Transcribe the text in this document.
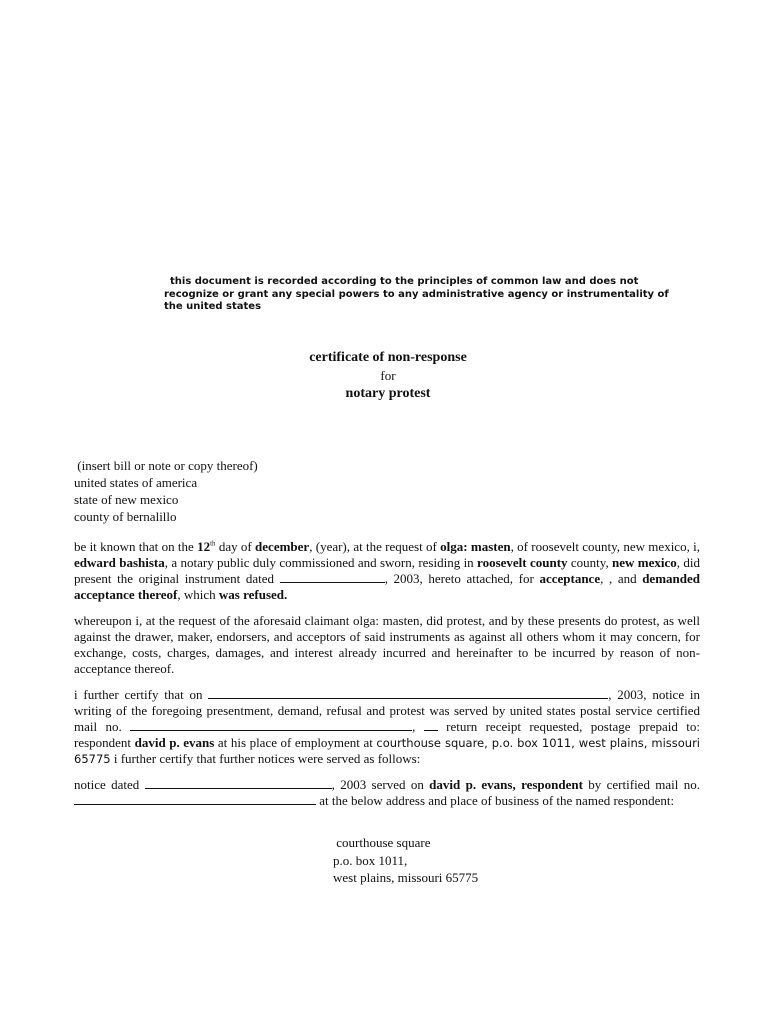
this document is recorded according to the principles of common law and does not
recognize or grant any special powers to any administrative agency or instrumentality of
the united states

certificate of non-response
for
notary protest
(insert bill or note or copy thereof)
united states of america
state of new mexico
county of bernalillo

be it known that on the 12th day of december, (year), at the request of olga: masten, of roosevelt county, new mexico, i, edward bashista, a notary public duly commissioned and sworn, residing in roosevelt county county, new mexico, did present the original instrument dated	, 2003, hereto attached, for acceptance, , and demanded acceptance thereof, which was refused.

whereupon i, at the request of the aforesaid claimant olga: masten, did protest, and by these presents do protest, as well against the drawer, maker, endorsers, and acceptors of said instruments as against all others whom it may concern, for exchange, costs, charges, damages, and interest already incurred and hereinafter to be incurred by reason of non-acceptance thereof.

i further certify that on	, 2003, notice in writing of the foregoing presentment, demand, refusal and protest was served by united states postal service certified mail no.	,  return receipt requested, postage prepaid to: respondent david p. evans at his place of employment at courthouse square, p.o. box 1011, west plains, missouri 65775 i further certify that further notices were served as follows:

notice dated	, 2003 served on david p. evans, respondent by certified mail no. at the below address and place of business of the named respondent:

courthouse square
p.o. box 1011,
west plains, missouri 65775
